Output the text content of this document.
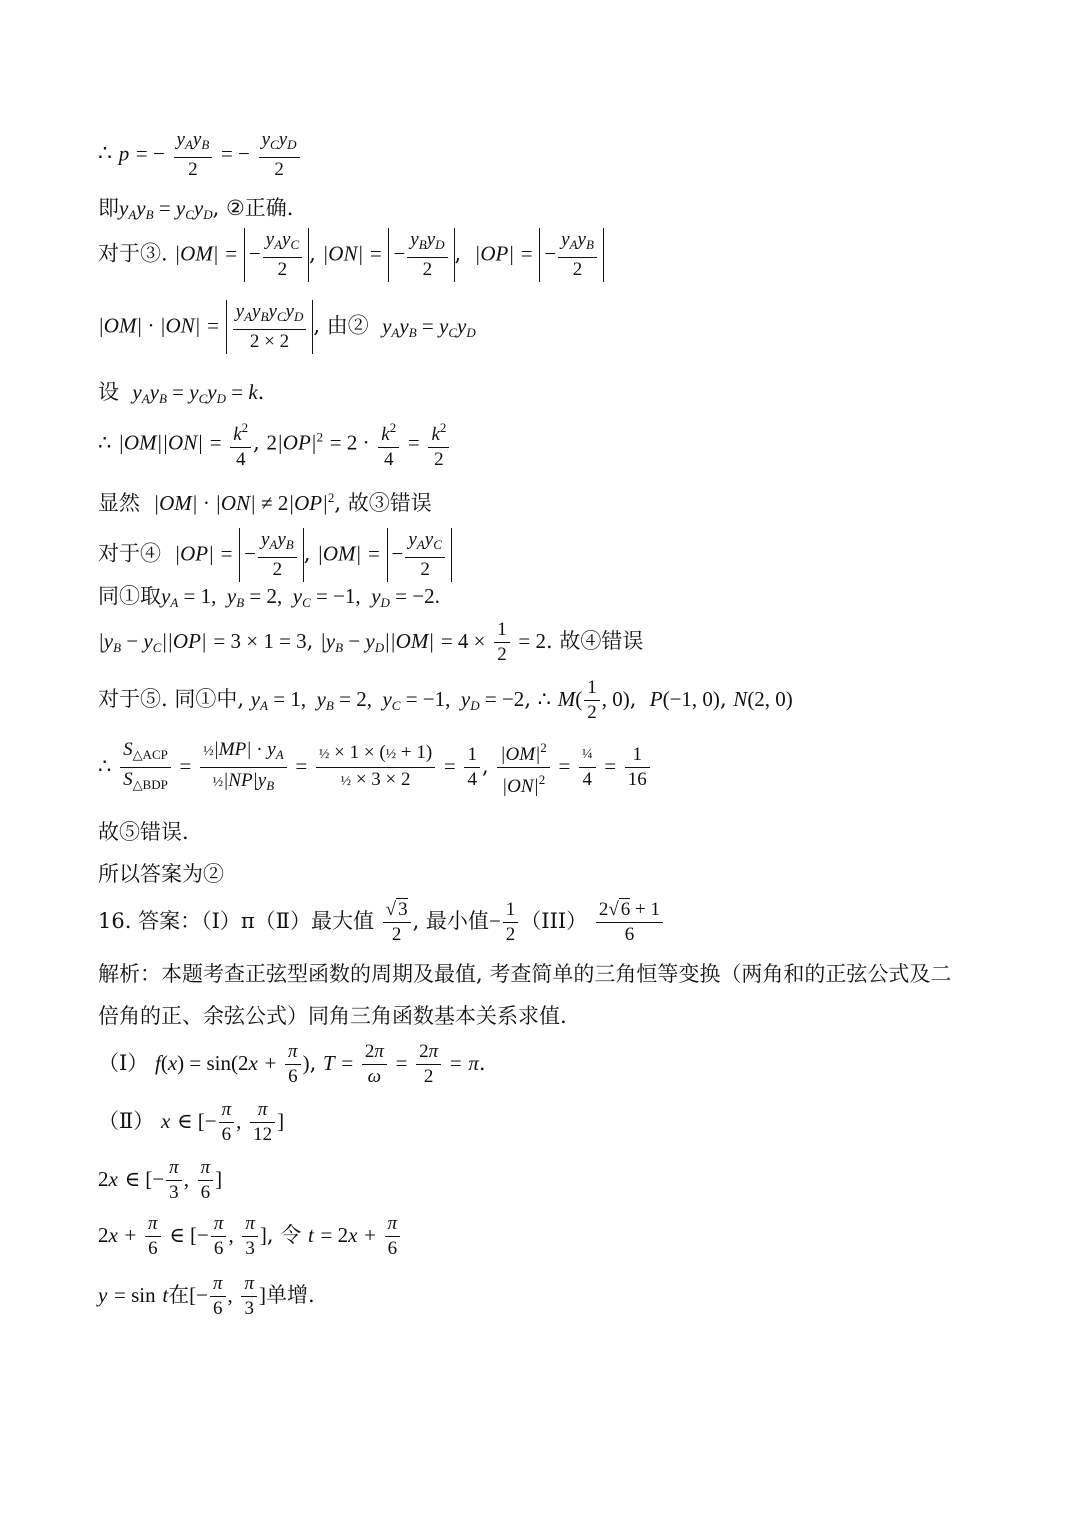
∴ p = − $\frac{y_Ay_B}{2}$ = − $\frac{y_Cy_D}{2}$
即$y_Ay_B = y_Cy_D$, ②正确.
对于③. |OM| = − $\frac{y_Ay_C}{2}$ , |ON| = − $\frac{y_By_D}{2}$ ,  |OP| = − $\frac{y_Ay_B}{2}$
$|OM| \cdot |ON| = \frac{y_Ay_By_Cy_D}{2 \times 2}$ , 由② $y_Ay_B = y_Cy_D$
设 $y_Ay_B = y_Cy_D = k$.
∴ $|OM||ON| = \frac{k^2}{4}$ , $2|OP|^2 = 2 \cdot \frac{k^2}{4} = \frac{k^2}{2}$
显然 $|OM| \cdot |ON| \ne 2|OP|^2$, 故③错误
对于④ |OP| = − $\frac{y_Ay_B}{2}$ , |OM| = − $\frac{y_Ay_C}{2}$
同①取$y_A = 1$,  $y_B = 2$,  $y_C = -1$,  $y_D = -2$.
$|y_B - y_C||OP| = 3 \times 1 = 3$, $|y_B - y_D||OM| = 4 \times \frac{1}{2} = 2$. 故④错误
对于⑤. 同①中, $y_A = 1$,  $y_B = 2$,  $y_C = -1$,  $y_D = -2$, ∴ $M( \frac{1}{2}$ , 0),  P(−1, 0), N(2, 0)
∴ $\frac{S_{\triangle ACP}}{S_{\triangle BDP}} = \frac{\frac{1}{2}|MP| \cdot y_A}{\frac{1}{2}|NP|y_B} = \frac{\text{½ × 1 × (½ + 1)}}{\text{½ × 3 × 2}} = \frac{1}{4}$ , $\frac{|OM|^2}{|ON|^2} = \frac{\text{¼}}{4} = \frac{1}{16}$
故⑤错误.
所以答案为②
16. 答案：（Ⅰ）π（Ⅱ）最大值 $\frac{√ 3}{2}$ , 最小值− $\frac{1}{2} (III) \frac{2√ 6 + 1}{6}$
解析：本题考查正弦型函数的周期及最值, 考查简单的三角恒等变换（两角和的正弦公式及二
倍角的正、余弦公式）同角三角函数基本关系求值.
（Ⅰ） $f(x) = \sin(2x + \frac{\pi}{6}$ ), $T = \frac{2\pi}{\omega} = \frac{2\pi}{2} = \pi$.
（Ⅱ） x ∈ [− $\frac{\pi}{6}$ , $\frac{\pi}{12}$ ]
2x ∈ [− $\frac{\pi}{3}$ , $\frac{\pi}{6}$ ]
$2x + \frac{\pi}{6}$ ∈ [− $\frac{\pi}{6}$ , $\frac{\pi}{3}$ ], 令 $t = 2x + \frac{\pi}{6}$
y = sin t在[− $\frac{\pi}{6}$ , $\frac{\pi}{3}$ ]单增.
